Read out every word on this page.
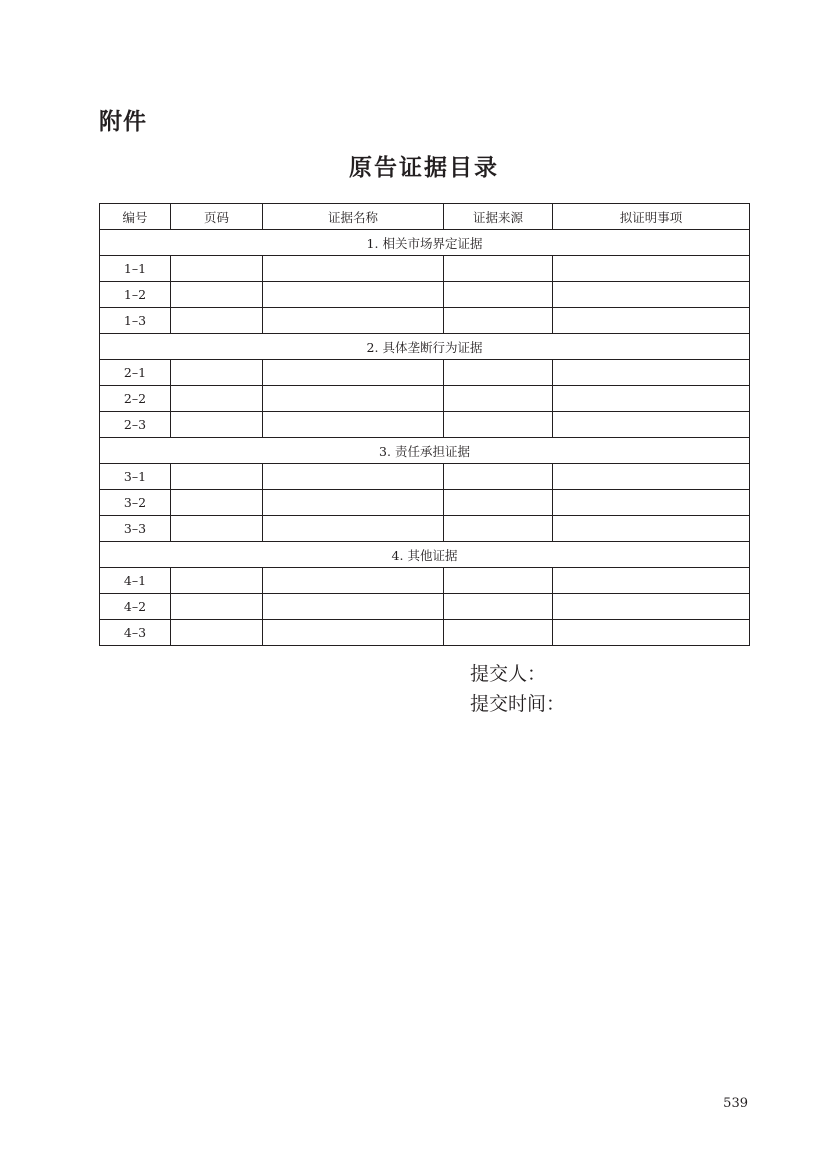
附件
原告证据目录
编号	页码	证据名称	证据来源	拟证明事项
1. 相关市场界定证据				
1–1				
1–2				
1–3				
2. 具体垄断行为证据				
2–1				
2–2				
2–3				
3. 责任承担证据				
3–1				
3–2				
3–3				
4. 其他证据				
4–1				
4–2				
4–3				
提交人：
提交时间：
539
